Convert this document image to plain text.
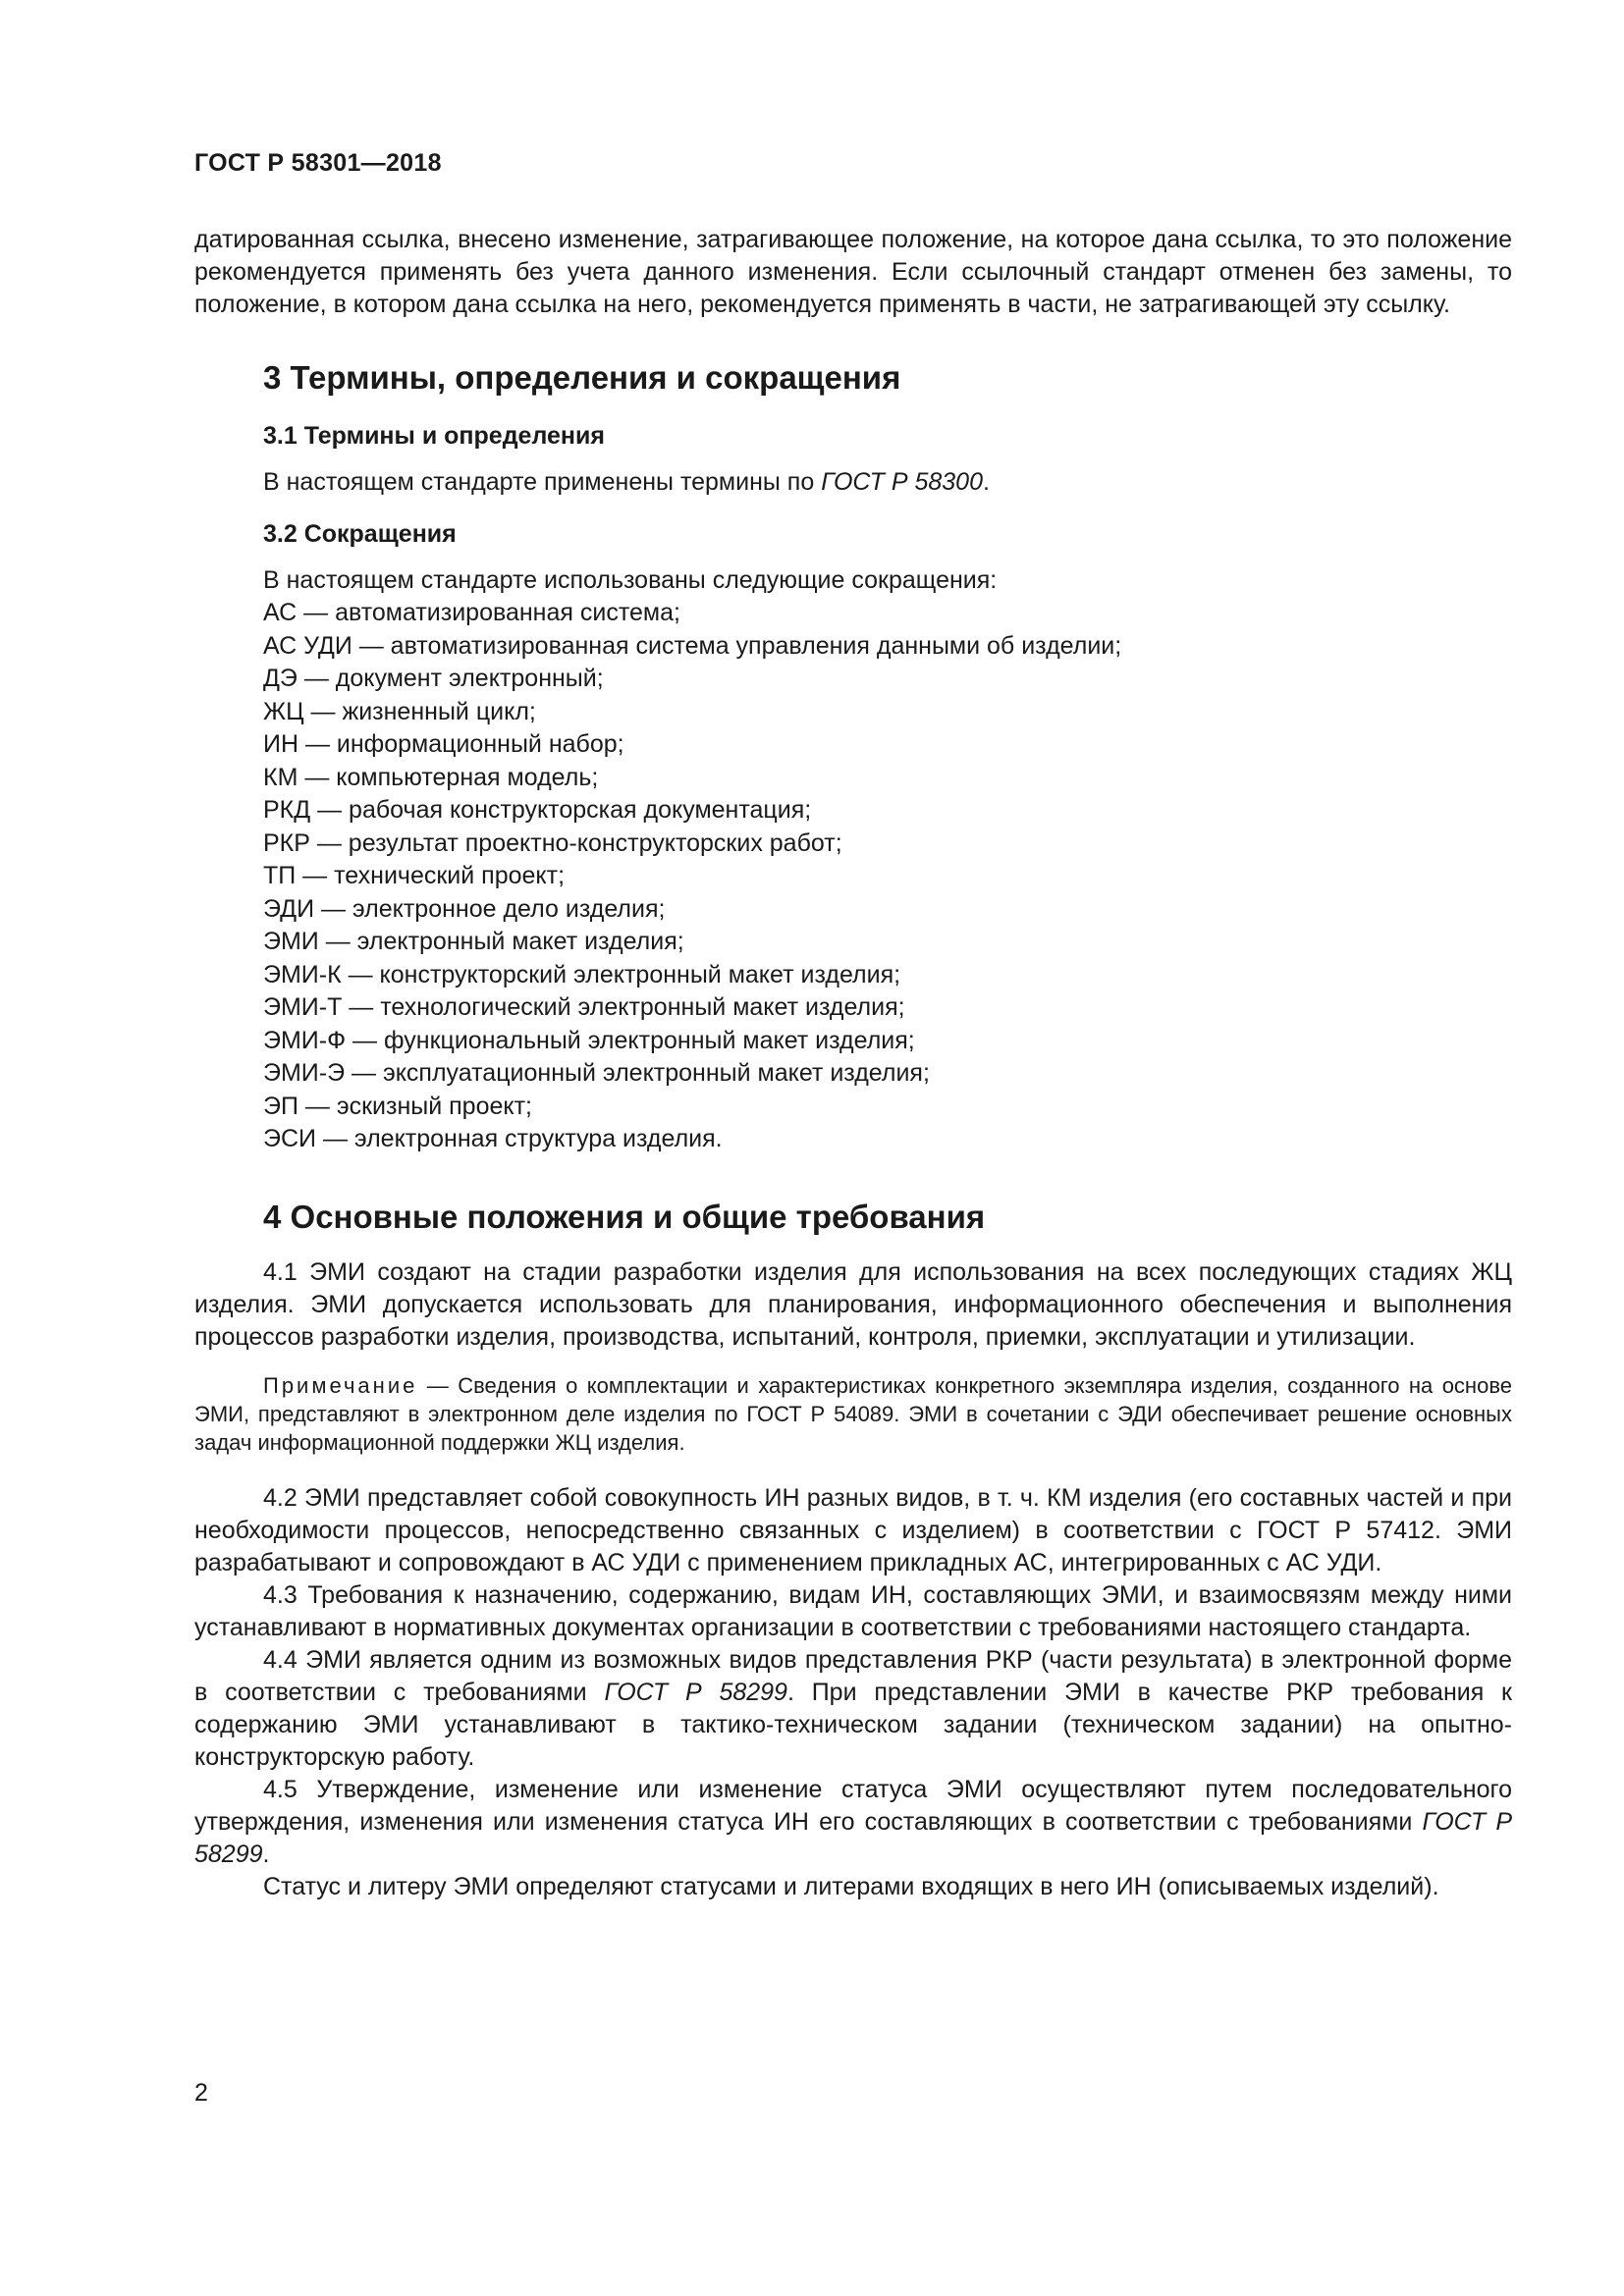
ГОСТ Р 58301—2018

датированная ссылка, внесено изменение, затрагивающее положение, на которое дана ссылка, то это положение рекомендуется применять без учета данного изменения. Если ссылочный стандарт отменен без замены, то положение, в котором дана ссылка на него, рекомендуется применять в части, не затрагивающей эту ссылку.

3 Термины, определения и сокращения
3.1 Термины и определения

В настоящем стандарте применены термины по ГОСТ Р 58300.

3.2 Сокращения

В настоящем стандарте использованы следующие сокращения:

АС — автоматизированная система;
АС УДИ — автоматизированная система управления данными об изделии;
ДЭ — документ электронный;
ЖЦ — жизненный цикл;
ИН — информационный набор;
КМ — компьютерная модель;
РКД — рабочая конструкторская документация;
РКР — результат проектно-конструкторских работ;
ТП — технический проект;
ЭДИ — электронное дело изделия;
ЭМИ — электронный макет изделия;
ЭМИ-К — конструкторский электронный макет изделия;
ЭМИ-Т — технологический электронный макет изделия;
ЭМИ-Ф — функциональный электронный макет изделия;
ЭМИ-Э — эксплуатационный электронный макет изделия;
ЭП — эскизный проект;
ЭСИ — электронная структура изделия.
4 Основные положения и общие требования

4.1 ЭМИ создают на стадии разработки изделия для использования на всех последующих стадиях ЖЦ изделия. ЭМИ допускается использовать для планирования, информационного обеспечения и выполнения процессов разработки изделия, производства, испытаний, контроля, приемки, эксплуатации и утилизации.

Примечание — Сведения о комплектации и характеристиках конкретного экземпляра изделия, созданного на основе ЭМИ, представляют в электронном деле изделия по ГОСТ Р 54089. ЭМИ в сочетании с ЭДИ обеспечивает решение основных задач информационной поддержки ЖЦ изделия.

4.2 ЭМИ представляет собой совокупность ИН разных видов, в т. ч. КМ изделия (его составных частей и при необходимости процессов, непосредственно связанных с изделием) в соответствии с ГОСТ Р 57412. ЭМИ разрабатывают и сопровождают в АС УДИ с применением прикладных АС, интегрированных с АС УДИ.

4.3 Требования к назначению, содержанию, видам ИН, составляющих ЭМИ, и взаимосвязям между ними устанавливают в нормативных документах организации в соответствии с требованиями настоящего стандарта.

4.4 ЭМИ является одним из возможных видов представления РКР (части результата) в электронной форме в соответствии с требованиями ГОСТ Р 58299. При представлении ЭМИ в качестве РКР требования к содержанию ЭМИ устанавливают в тактико-техническом задании (техническом задании) на опытно-конструкторскую работу.

4.5 Утверждение, изменение или изменение статуса ЭМИ осуществляют путем последовательного утверждения, изменения или изменения статуса ИН его составляющих в соответствии с требованиями ГОСТ Р 58299.

Статус и литеру ЭМИ определяют статусами и литерами входящих в него ИН (описываемых изделий).

2
